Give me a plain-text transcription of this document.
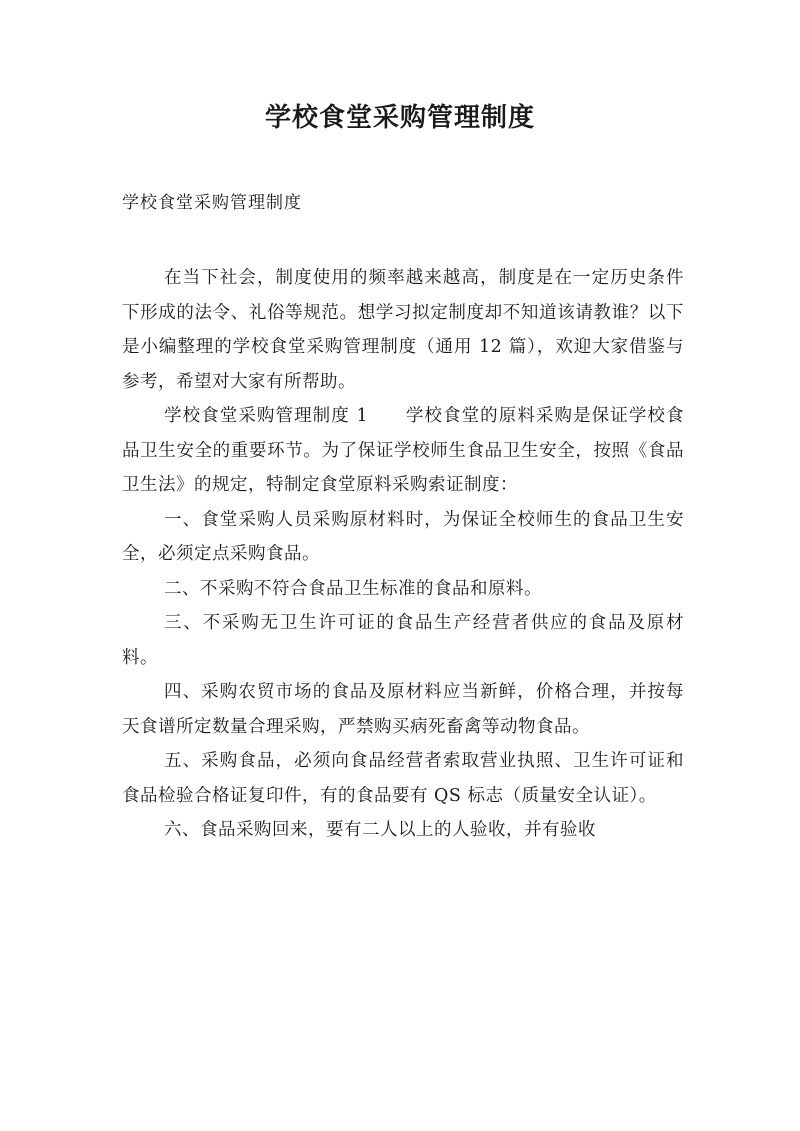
学校食堂采购管理制度
学校食堂采购管理制度

在当下社会，制度使用的频率越来越高，制度是在一定历史条件下形成的法令、礼俗等规范。想学习拟定制度却不知道该请教谁？以下是小编整理的学校食堂采购管理制度（通用 12 篇），欢迎大家借鉴与参考，希望对大家有所帮助。

学校食堂采购管理制度 1　　学校食堂的原料采购是保证学校食品卫生安全的重要环节。为了保证学校师生食品卫生安全，按照《食品卫生法》的规定，特制定食堂原料采购索证制度：

一、食堂采购人员采购原材料时，为保证全校师生的食品卫生安全，必须定点采购食品。

二、不采购不符合食品卫生标准的食品和原料。

三、不采购无卫生许可证的食品生产经营者供应的食品及原材料。

四、采购农贸市场的食品及原材料应当新鲜，价格合理，并按每天食谱所定数量合理采购，严禁购买病死畜禽等动物食品。

五、采购食品，必须向食品经营者索取营业执照、卫生许可证和食品检验合格证复印件，有的食品要有 QS 标志（质量安全认证）。

六、食品采购回来，要有二人以上的人验收，并有验收
